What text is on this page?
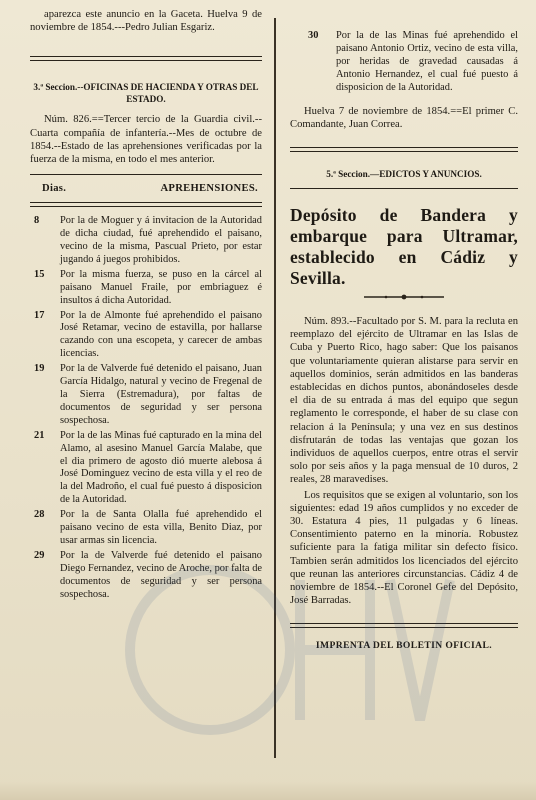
aparezca este anuncio en la Gaceta. Huelva 9 de noviembre de 1854.---Pedro Julian Esgariz.

3.ª Seccion.--OFICINAS DE HACIENDA Y OTRAS DEL ESTADO.

Núm. 826.==Tercer tercio de la Guardia civil.--Cuarta compañía de infantería.--Mes de octubre de 1854.--Estado de las aprehensiones verificadas por la fuerza de la misma, en todo el mes anterior.

Dias.	APREHENSIONES.
8	Por la de Moguer y á invitacion de la Autoridad de dicha ciudad, fué aprehendido el paisano, vecino de la misma, Pascual Prieto, por estar jugando á juegos prohibidos.
15	Por la misma fuerza, se puso en la cárcel al paisano Manuel Fraile, por embriaguez é insultos á dicha Autoridad.
17	Por la de Almonte fué aprehendido el paisano José Retamar, vecino de estavilla, por hallarse cazando con una escopeta, y carecer de ambas licencias.
19	Por la de Valverde fué detenido el paisano, Juan García Hidalgo, natural y vecino de Fregenal de la Sierra (Estremadura), por faltas de documentos de seguridad y ser persona sospechosa.
21	Por la de las Minas fué capturado en la mina del Alamo, al asesino Manuel García Malabe, que el dia primero de agosto dió muerte alebosa á José Dominguez vecino de esta villa y el reo de la del Madroño, el cual fué puesto á disposicion de la Autoridad.
28	Por la de Santa Olalla fué aprehendido el paisano vecino de esta villa, Benito Diaz, por usar armas sin licencia.
29	Por la de Valverde fué detenido el paisano Diego Fernandez, vecino de Aroche, por falta de documentos de seguridad y ser persona sospechosa.
30	Por la de las Minas fué aprehendido el paisano Antonio Ortiz, vecino de esta villa, por heridas de gravedad causadas á Antonio Hernandez, el cual fué puesto á disposicion de la Autoridad.

Huelva 7 de noviembre de 1854.==El primer C. Comandante, Juan Correa.

5.ª Seccion.—EDICTOS Y ANUNCIOS.

Depósito de Bandera y embarque para Ultramar, establecido en Cádiz y Sevilla.

Núm. 893.--Facultado por S. M. para la recluta en reemplazo del ejército de Ultramar en las Islas de Cuba y Puerto Rico, hago saber: Que los paisanos que voluntariamente quieran alistarse para servir en aquellos dominios, serán admitidos en las banderas establecidas en dichos puntos, abonándoseles desde el dia de su entrada á mas del equipo que segun reglamento le corresponde, el haber de su clase con relacion á la Península; y una vez en sus destinos disfrutarán de todas las ventajas que gozan los individuos de aquellos cuerpos, entre otras el servir solo por seis años y la paga mensual de 10 duros, 2 reales, 28 maravedises.

Los requisitos que se exigen al voluntario, son los siguientes: edad 19 años cumplidos y no exceder de 30. Estatura 4 pies, 11 pulgadas y 6 líneas. Consentimiento paterno en la minoría. Robustez suficiente para la fatiga militar sin defecto físico. Tambien serán admitidos los licenciados del ejército que reunan las anteriores circunstancias. Cádiz 4 de noviembre de 1854.--El Coronel Gefe del Depósito, José Barradas.

IMPRENTA DEL BOLETIN OFICIAL.
